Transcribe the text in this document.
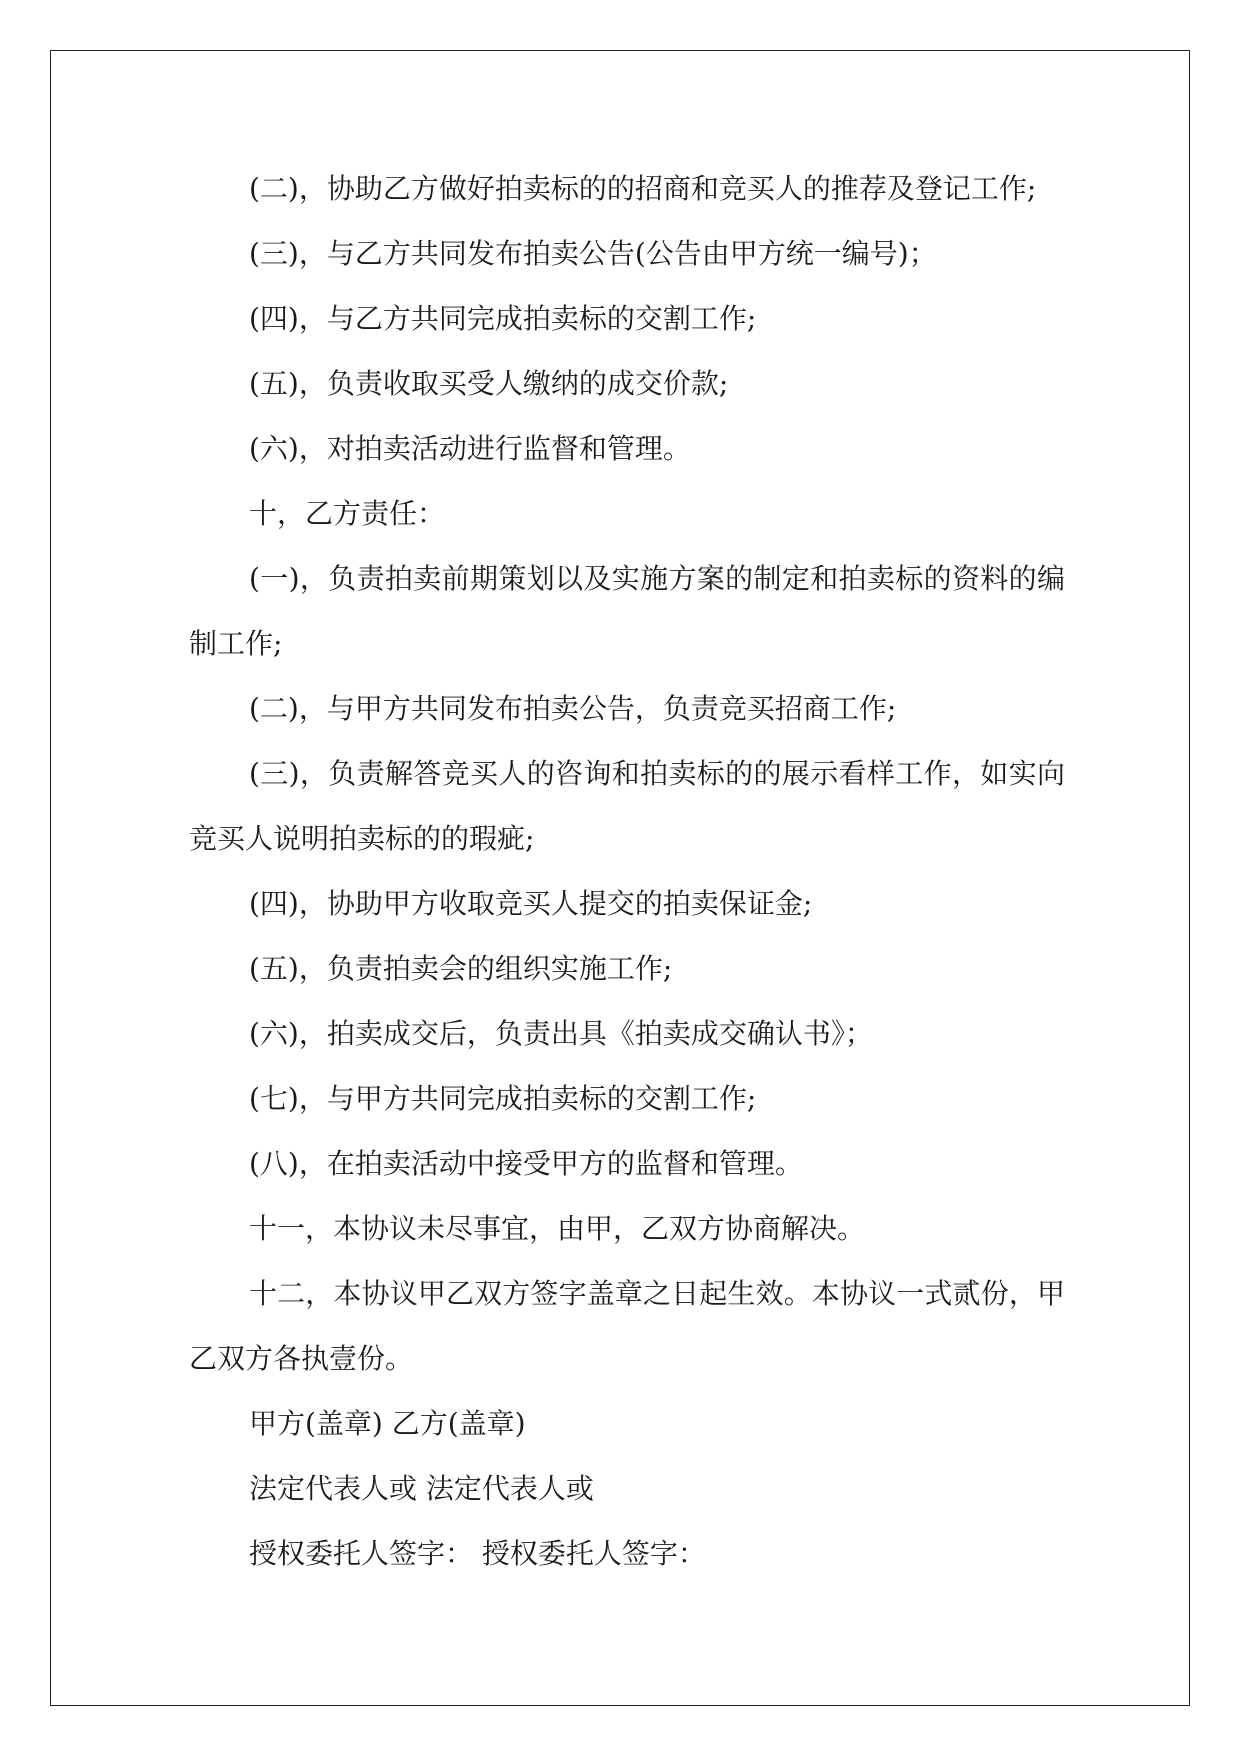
(二)，协助乙方做好拍卖标的的招商和竞买人的推荐及登记工作;

(三)，与乙方共同发布拍卖公告(公告由甲方统一编号)；

(四)，与乙方共同完成拍卖标的交割工作;

(五)，负责收取买受人缴纳的成交价款;

(六)，对拍卖活动进行监督和管理。

十，乙方责任：

(一)，负责拍卖前期策划以及实施方案的制定和拍卖标的资料的编制工作;

(二)，与甲方共同发布拍卖公告，负责竞买招商工作;

(三)，负责解答竞买人的咨询和拍卖标的的展示看样工作，如实向竞买人说明拍卖标的的瑕疵;

(四)，协助甲方收取竞买人提交的拍卖保证金;

(五)，负责拍卖会的组织实施工作;

(六)，拍卖成交后，负责出具《拍卖成交确认书》；

(七)，与甲方共同完成拍卖标的交割工作;

(八)，在拍卖活动中接受甲方的监督和管理。

十一，本协议未尽事宜，由甲，乙双方协商解决。

十二，本协议甲乙双方签字盖章之日起生效。本协议一式贰份，甲乙双方各执壹份。

甲方(盖章) 乙方(盖章)

法定代表人或 法定代表人或

授权委托人签字： 授权委托人签字：
